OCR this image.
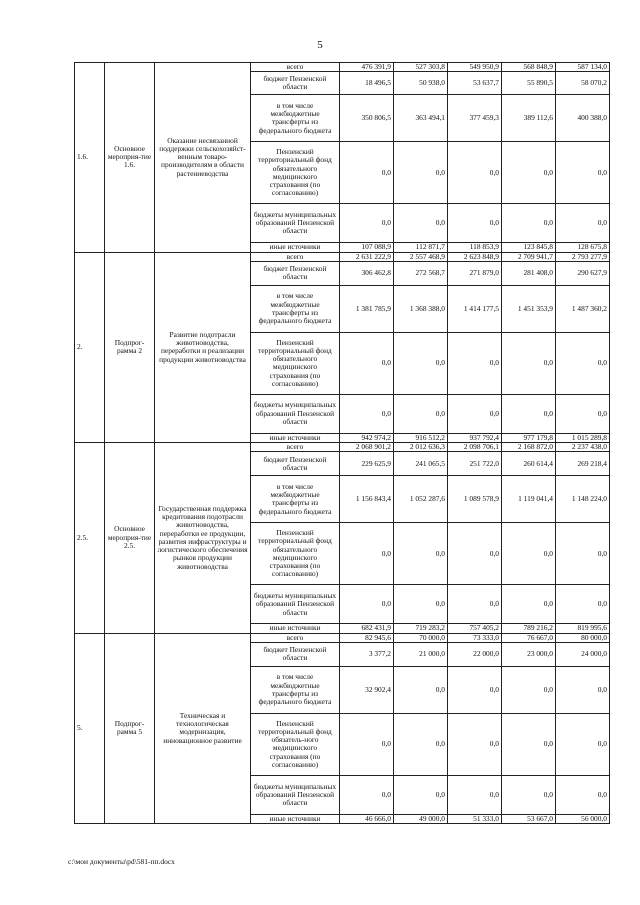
5
1.6.	Основное мероприя-тие 1.6.	Оказание несвязанной поддержки сельскохозяйст-венным товаро-производителям в области растениеводства	всего	476 391,9	527 303,8	549 950,9	568 848,9	587 134,0
			бюджет Пензенской области	18 496,5	50 938,0	53 637,7	55 890,5	58 070,2
			в том числе межбюджетные трансферты из федерального бюджета	350 806,5	363 494,1	377 459,3	389 112,6	400 388,0
			Пензенский территориальный фонд обязательного медицинского страхования (по согласованию)	0,0	0,0	0,0	0,0	0,0
			бюджеты муниципальных образований Пензенской области	0,0	0,0	0,0	0,0	0,0
			иные источники	107 088,9	112 871,7	118 853,9	123 845,8	128 675,8
2.	Подпрог-рамма 2	Развитие подотрасли животноводства, переработки и реализации продукции животноводства	всего	2 631 222,9	2 557 468,9	2 623 848,9	2 709 941,7	2 793 277,9
			бюджет Пензенской области	306 462,8	272 568,7	271 879,0	281 408,0	290 627,9
			в том числе межбюджетные трансферты из федерального бюджета	1 381 785,9	1 368 388,0	1 414 177,5	1 451 353,9	1 487 360,2
			Пензенский территориальный фонд обязательного медицинского страхования (по согласованию)	0,0	0,0	0,0	0,0	0,0
			бюджеты муниципальных образований Пензенской области	0,0	0,0	0,0	0,0	0,0
			иные источники	942 974,2	916 512,2	937 792,4	977 179,8	1 015 289,8
2.5.	Основное мероприя-тие 2.5.	Государственная поддержка кредитования подотрасли животноводства, переработки ее продукции, развития инфраструктуры и логистического обеспечения рынков продукции животноводства	всего	2 068 901,2	2 012 636,3	2 098 706,1	2 168 872,0	2 237 438,0
			бюджет Пензенской области	229 625,9	241 065,5	251 722,0	260 614,4	269 218,4
			в том числе межбюджетные трансферты из федерального бюджета	1 156 843,4	1 052 287,6	1 089 578,9	1 119 041,4	1 148 224,0
			Пензенский территориальный фонд обязательного медицинского страхования (по согласованию)	0,0	0,0	0,0	0,0	0,0
			бюджеты муниципальных образований Пензенской области	0,0	0,0	0,0	0,0	0,0
			иные источники	682 431,9	719 283,2	757 405,2	789 216,2	819 995,6
5.	Подпрог-рамма 5	Техническая и технологическая модернизация, инновационное развитие	всего	82 945,6	70 000,0	73 333,0	76 667,0	80 000,0
			бюджет Пензенской области	3 377,2	21 000,0	22 000,0	23 000,0	24 000,0
			в том числе межбюджетные трансферты из федерального бюджета	32 902,4	0,0	0,0	0,0	0,0
			Пензенский территориальный фонд обязатель-ного медицинского страхования (по согласованию)	0,0	0,0	0,0	0,0	0,0
			бюджеты муниципальных образований Пензенской области	0,0	0,0	0,0	0,0	0,0
			иные источники	46 666,0	49 000,0	51 333,0	53 667,0	56 000,0
c:\мои документы\pd\581-пп.docx
